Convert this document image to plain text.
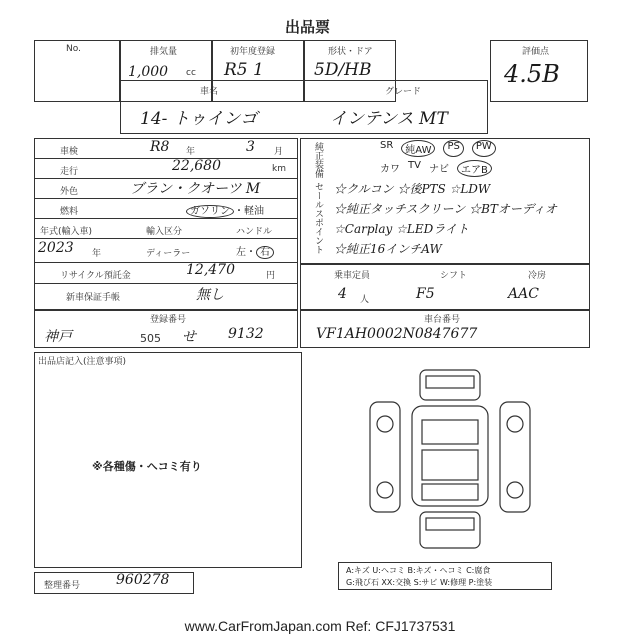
出品票
No.	排気量
1,000 cc
初年度登録
R5 1
形状・ドア
5D/HB
評価点
4.5B
車名	グレード
14- トゥインゴ	インテンス MT
車検	R8 年	3 月
走行	22,680	km
外色	ブラン・クオーツ M
燃料	ガソリン ・軽油
年式(輸入車)	輸入区分	ハンドル
2023 年	ディーラー	左・ 右
リサイクル預託金	12,470	円
新車保証手帳	無し
登録番号
神戸	505 せ 9132
純正装備	SR	純AW	PS	PW
カワ TV ナビ	エアB
セールスポイント ☆クルコン ☆後PTS ☆LDW
☆純正タッチスクリーン ☆BTオーディオ
☆Carplay ☆LEDライト
☆純正16インチAW
乗車定員	シフト	冷房
4 人	F5	AAC
車台番号
VF1AH0002N0847677
出品店記入(注意事項)
※各種傷・ヘコミ有り
A:キズ U:ヘコミ B:キズ・ヘコミ C:腐食
G:飛び石 XX:交換 S:サビ W:修理 P:塗装
整理番号	960278
www.CarFromJapan.com Ref: CFJ1737531
